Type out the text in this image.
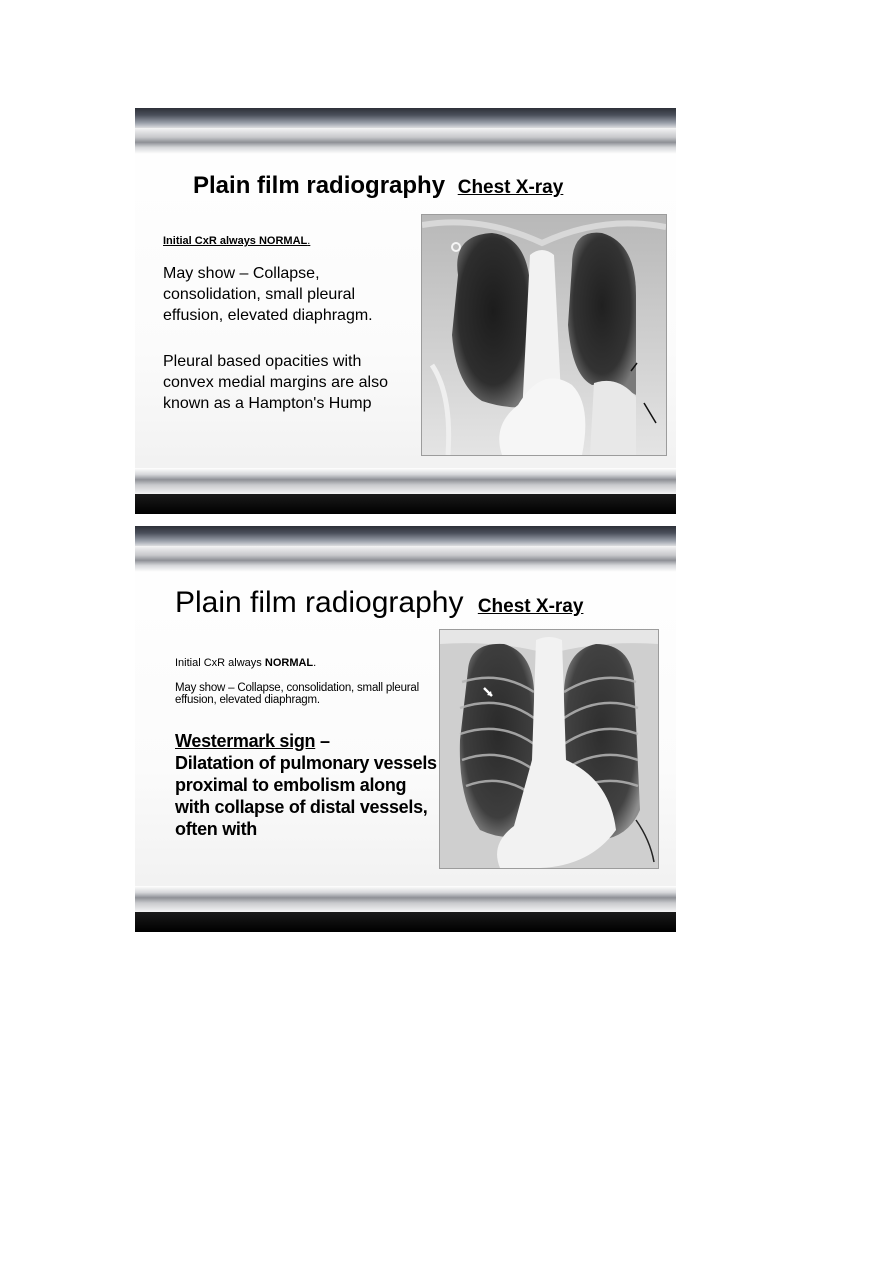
Plain film radiography Chest X-ray
Initial CxR always NORMAL.

May show – Collapse, consolidation, small pleural effusion, elevated diaphragm.

Pleural based opacities with convex medial margins are also known as a Hampton's Hump

Plain film radiography Chest X-ray
Initial CxR always NORMAL.

May show – Collapse, consolidation, small pleural effusion, elevated diaphragm.

Westermark sign –
Dilatation of pulmonary vessels proximal to embolism along with collapse of distal vessels, often with
